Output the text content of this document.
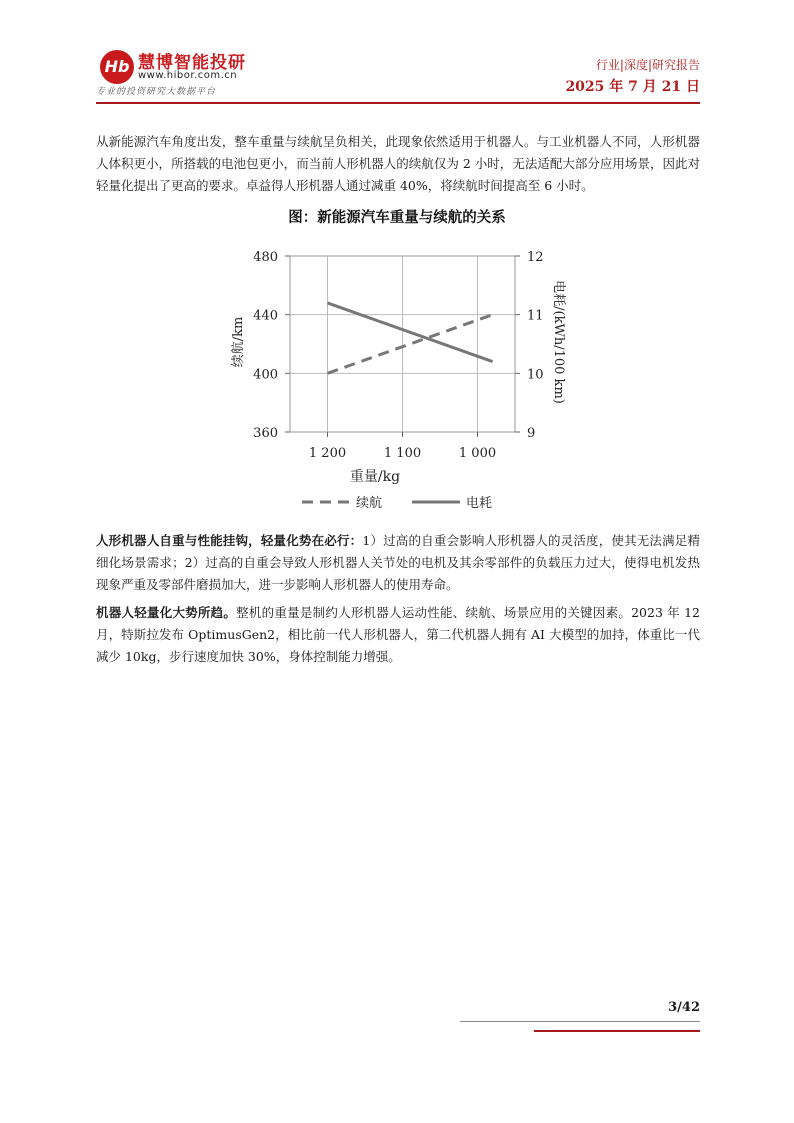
Hb 慧博智能投研
www.hibor.com.cn
专业的投资研究大数据平台
行业|深度|研究报告
2025 年 7 月 21 日

从新能源汽车角度出发，整车重量与续航呈负相关，此现象依然适用于机器人。与工业机器人不同，人形机器人体积更小，所搭载的电池包更小，而当前人形机器人的续航仅为 2 小时，无法适配大部分应用场景，因此对轻量化提出了更高的要求。卓益得人形机器人通过减重 40%，将续航时间提高至 6 小时。

图：新能源汽车重量与续航的关系
360
400
440
480
9
10
11
12
1 200	1 100	1 000
重量/kg
续航/km	电耗/(kWh/100 km)
续航	电耗

人形机器人自重与性能挂钩，轻量化势在必行：1）过高的自重会影响人形机器人的灵活度，使其无法满足精细化场景需求；2）过高的自重会导致人形机器人关节处的电机及其余零部件的负载压力过大，使得电机发热现象严重及零部件磨损加大，进一步影响人形机器人的使用寿命。

机器人轻量化大势所趋。整机的重量是制约人形机器人运动性能、续航、场景应用的关键因素。2023 年 12 月，特斯拉发布 OptimusGen2，相比前一代人形机器人，第二代机器人拥有 AI 大模型的加持，体重比一代减少 10kg，步行速度加快 30%，身体控制能力增强。

3/42
